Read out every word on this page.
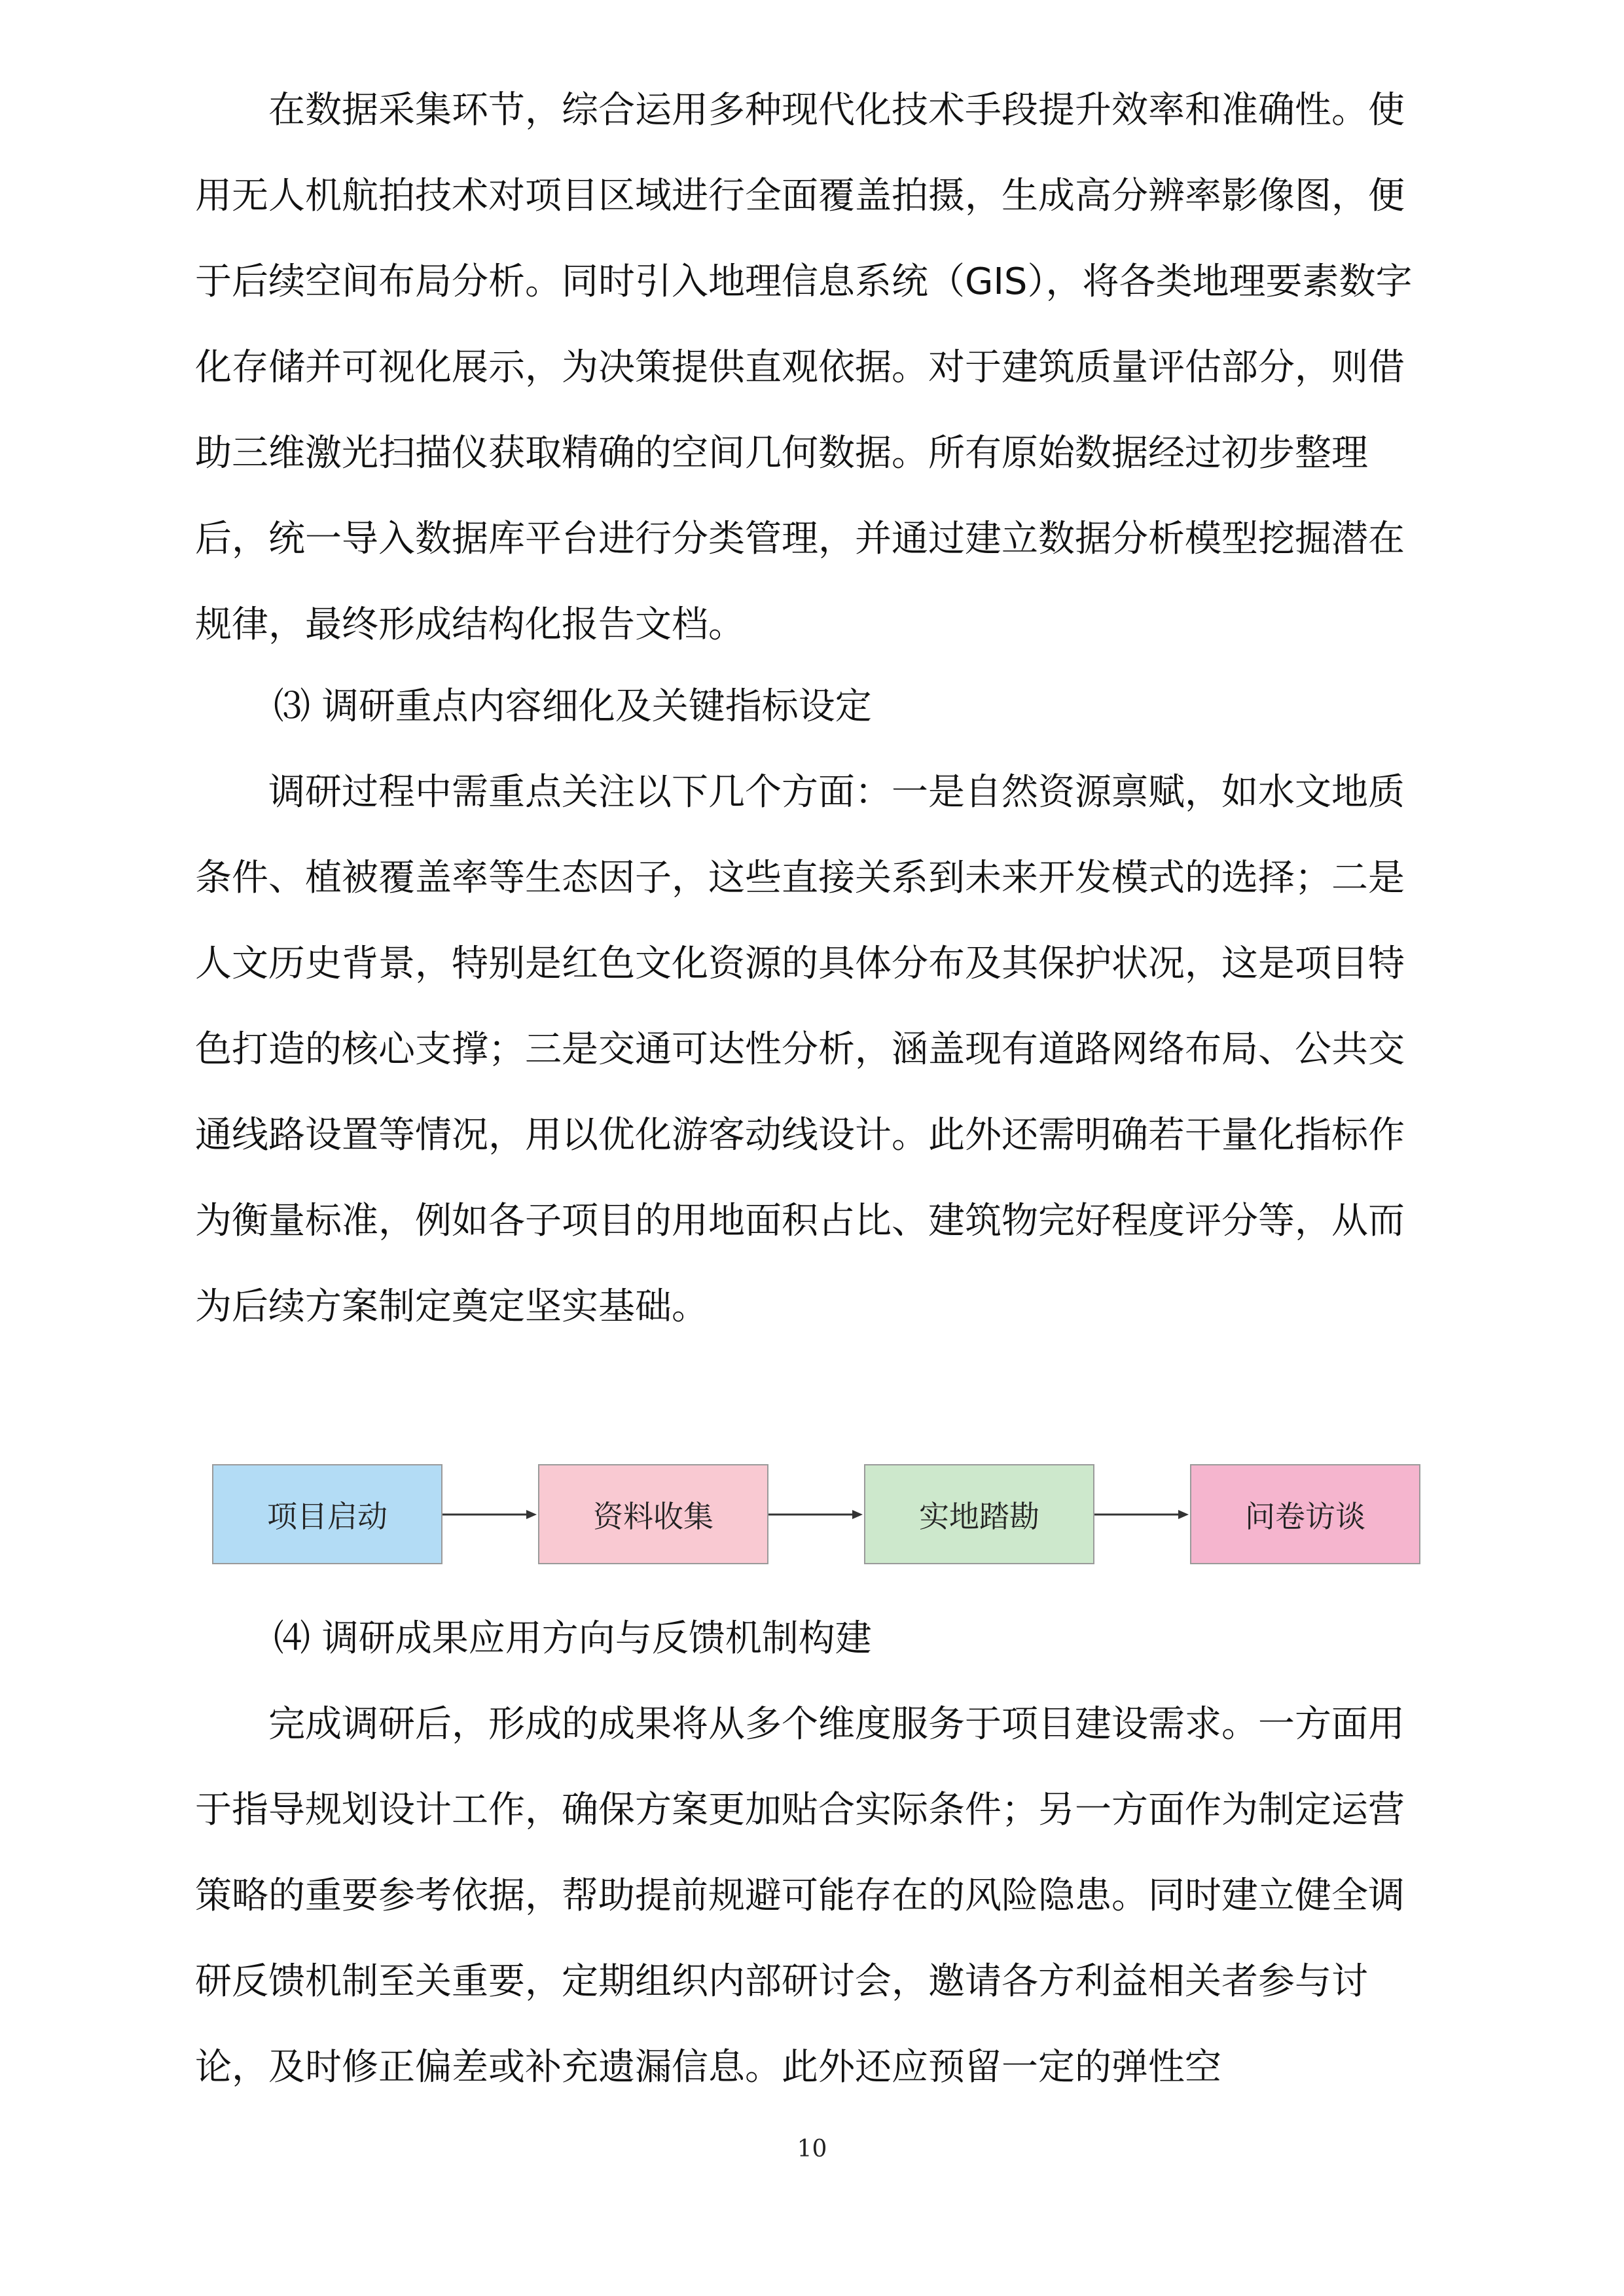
在数据采集环节，综合运用多种现代化技术手段提升效率和准确性。使用无人机航拍技术对项目区域进行全面覆盖拍摄，生成高分辨率影像图，便于后续空间布局分析。同时引入地理信息系统（GIS），将各类地理要素数字化存储并可视化展示，为决策提供直观依据。对于建筑质量评估部分，则借助三维激光扫描仪获取精确的空间几何数据。所有原始数据经过初步整理后，统一导入数据库平台进行分类管理，并通过建立数据分析模型挖掘潜在规律，最终形成结构化报告文档。

⑶ 调研重点内容细化及关键指标设定

调研过程中需重点关注以下几个方面：一是自然资源禀赋，如水文地质条件、植被覆盖率等生态因子，这些直接关系到未来开发模式的选择；二是人文历史背景，特别是红色文化资源的具体分布及其保护状况，这是项目特色打造的核心支撑；三是交通可达性分析，涵盖现有道路网络布局、公共交通线路设置等情况，用以优化游客动线设计。此外还需明确若干量化指标作为衡量标准，例如各子项目的用地面积占比、建筑物完好程度评分等，从而为后续方案制定奠定坚实基础。

项目启动	资料收集	实地踏勘	问卷访谈

⑷ 调研成果应用方向与反馈机制构建

完成调研后，形成的成果将从多个维度服务于项目建设需求。一方面用于指导规划设计工作，确保方案更加贴合实际条件；另一方面作为制定运营策略的重要参考依据，帮助提前规避可能存在的风险隐患。同时建立健全调研反馈机制至关重要，定期组织内部研讨会，邀请各方利益相关者参与讨论，及时修正偏差或补充遗漏信息。此外还应预留一定的弹性空

10
